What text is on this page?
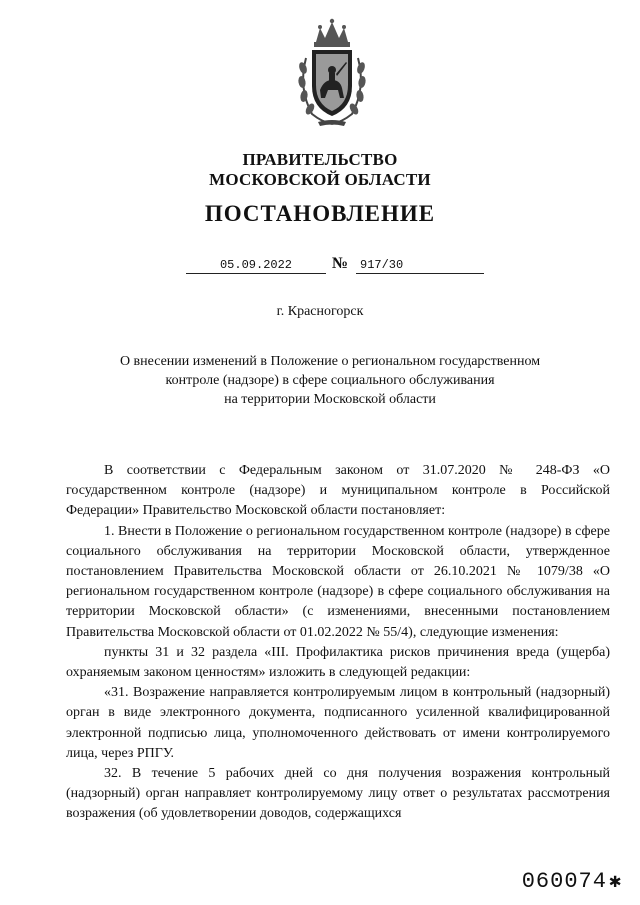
ПРАВИТЕЛЬСТВО
МОСКОВСКОЙ ОБЛАСТИ
ПОСТАНОВЛЕНИЕ
05.09.2022	№ 917/30
г. Красногорск
О внесении изменений в Положение о региональном государственном
контроле (надзоре) в сфере социального обслуживания
на территории Московской области

В соответствии с Федеральным законом от 31.07.2020 № 248-ФЗ «О государственном контроле (надзоре) и муниципальном контроле в Российской Федерации» Правительство Московской области постановляет:

1. Внести в Положение о региональном государственном контроле (надзоре) в сфере социального обслуживания на территории Московской области, утвержденное постановлением Правительства Московской области от 26.10.2021 № 1079/38 «О региональном государственном контроле (надзоре) в сфере социального обслуживания на территории Московской области» (с изменениями, внесенными постановлением Правительства Московской области от 01.02.2022 № 55/4), следующие изменения:

пункты 31 и 32 раздела «III. Профилактика рисков причинения вреда (ущерба) охраняемым законом ценностям» изложить в следующей редакции:

«31. Возражение направляется контролируемым лицом в контрольный (надзорный) орган в виде электронного документа, подписанного усиленной квалифицированной электронной подписью лица, уполномоченного действовать от имени контролируемого лица, через РПГУ.

32. В течение 5 рабочих дней со дня получения возражения контрольный (надзорный) орган направляет контролируемому лицу ответ о результатах рассмотрения возражения (об удовлетворении доводов, содержащихся

060074 ✱
